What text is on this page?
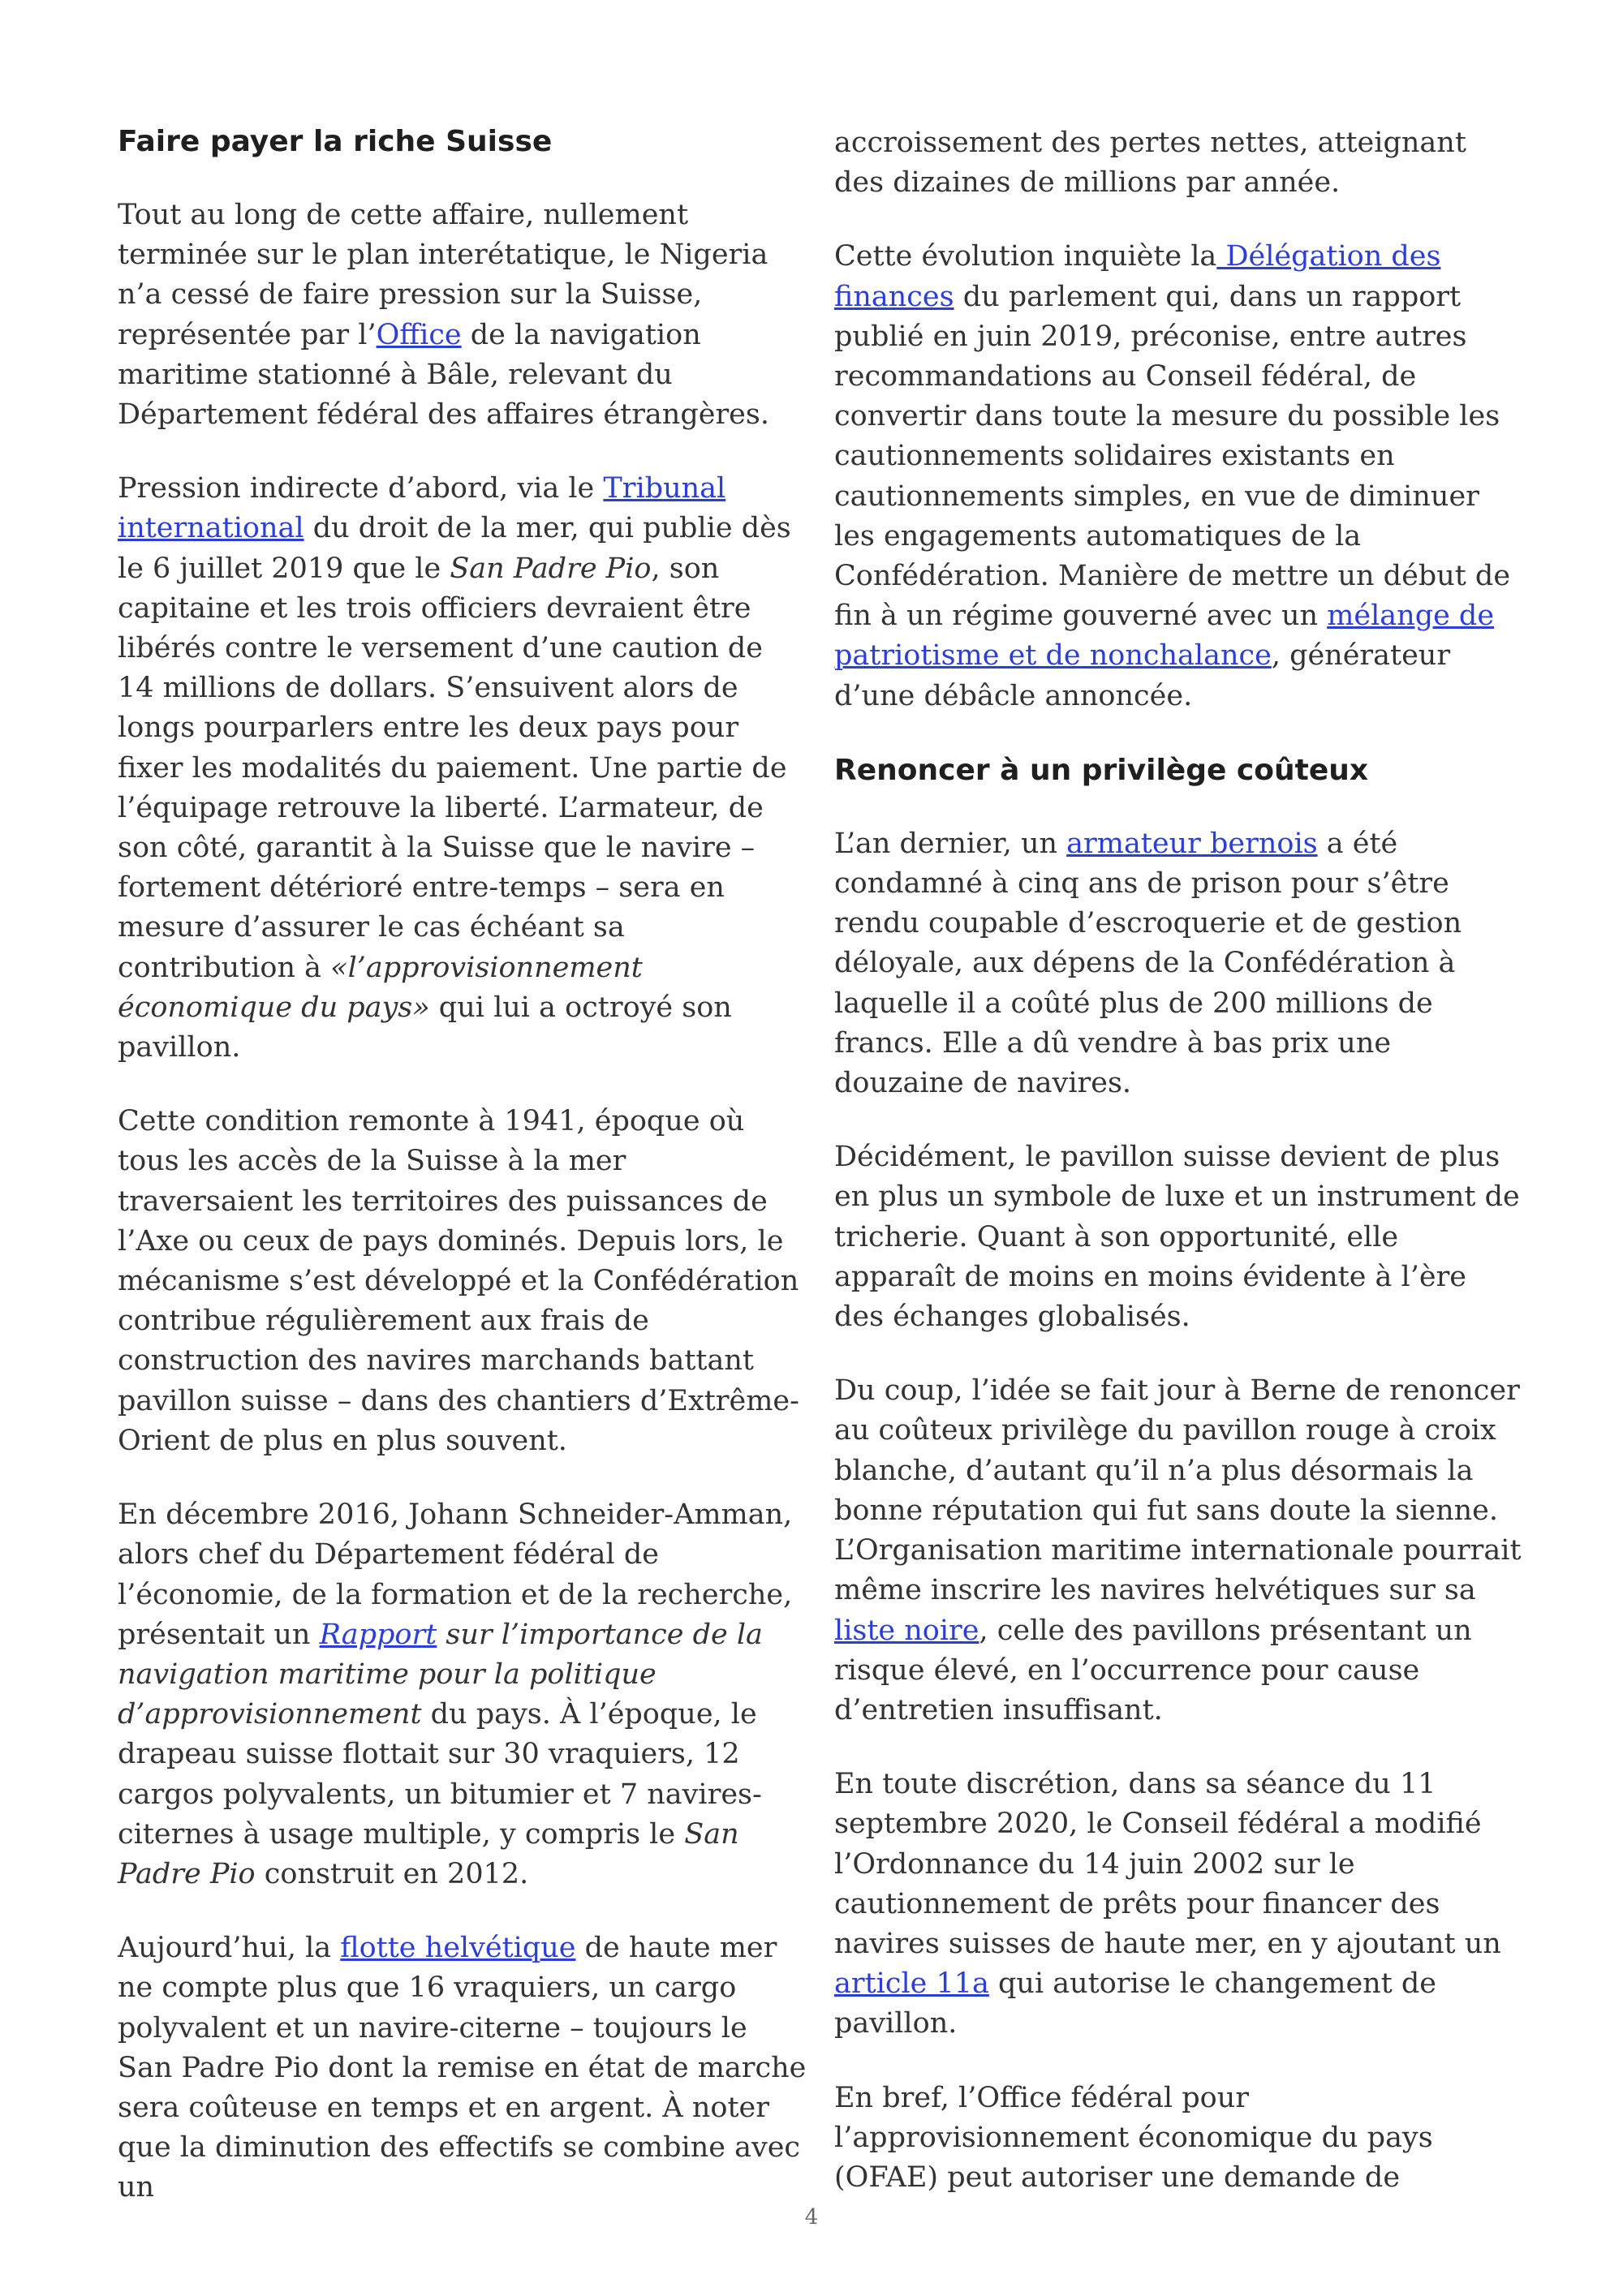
Faire payer la riche Suisse

Tout au long de cette affaire, nullement terminée sur le plan interétatique, le Nigeria n’a cessé de faire pression sur la Suisse, représentée par l’Office de la navigation maritime stationné à Bâle, relevant du Département fédéral des affaires étrangères.

Pression indirecte d’abord, via le Tribunal international du droit de la mer, qui publie dès le 6 juillet 2019 que le San Padre Pio, son capitaine et les trois officiers devraient être libérés contre le versement d’une caution de 14 millions de dollars. S’ensuivent alors de longs pourparlers entre les deux pays pour fixer les modalités du paiement. Une partie de l’équipage retrouve la liberté. L’armateur, de son côté, garantit à la Suisse que le navire – fortement détérioré entre-temps – sera en mesure d’assurer le cas échéant sa contribution à «l’approvisionnement économique du pays» qui lui a octroyé son pavillon.

Cette condition remonte à 1941, époque où tous les accès de la Suisse à la mer traversaient les territoires des puissances de l’Axe ou ceux de pays dominés. Depuis lors, le mécanisme s’est développé et la Confédération contribue régulièrement aux frais de construction des navires marchands battant pavillon suisse – dans des chantiers d’Extrême-Orient de plus en plus souvent.

En décembre 2016, Johann Schneider-Amman, alors chef du Département fédéral de l’économie, de la formation et de la recherche, présentait un Rapport sur l’importance de la navigation maritime pour la politique d’approvisionnement du pays. À l’époque, le drapeau suisse flottait sur 30 vraquiers, 12 cargos polyvalents, un bitumier et 7 navires-citernes à usage multiple, y compris le San Padre Pio construit en 2012.

Aujourd’hui, la flotte helvétique de haute mer ne compte plus que 16 vraquiers, un cargo polyvalent et un navire-citerne – toujours le San Padre Pio dont la remise en état de marche sera coûteuse en temps et en argent. À noter que la diminution des effectifs se combine avec un

accroissement des pertes nettes, atteignant des dizaines de millions par année.

Cette évolution inquiète la Délégation des finances du parlement qui, dans un rapport publié en juin 2019, préconise, entre autres recommandations au Conseil fédéral, de convertir dans toute la mesure du possible les cautionnements solidaires existants en cautionnements simples, en vue de diminuer les engagements automatiques de la Confédération. Manière de mettre un début de fin à un régime gouverné avec un mélange de patriotisme et de nonchalance, générateur d’une débâcle annoncée.

Renoncer à un privilège coûteux

L’an dernier, un armateur bernois a été condamné à cinq ans de prison pour s’être rendu coupable d’escroquerie et de gestion déloyale, aux dépens de la Confédération à laquelle il a coûté plus de 200 millions de francs. Elle a dû vendre à bas prix une douzaine de navires.

Décidément, le pavillon suisse devient de plus en plus un symbole de luxe et un instrument de tricherie. Quant à son opportunité, elle apparaît de moins en moins évidente à l’ère des échanges globalisés.

Du coup, l’idée se fait jour à Berne de renoncer au coûteux privilège du pavillon rouge à croix blanche, d’autant qu’il n’a plus désormais la bonne réputation qui fut sans doute la sienne. L’Organisation maritime internationale pourrait même inscrire les navires helvétiques sur sa liste noire, celle des pavillons présentant un risque élevé, en l’occurrence pour cause d’entretien insuffisant.

En toute discrétion, dans sa séance du 11 septembre 2020, le Conseil fédéral a modifié l’Ordonnance du 14 juin 2002 sur le cautionnement de prêts pour financer des navires suisses de haute mer, en y ajoutant un article 11a qui autorise le changement de pavillon.

En bref, l’Office fédéral pour l’approvisionnement économique du pays (OFAE) peut autoriser une demande de

4
